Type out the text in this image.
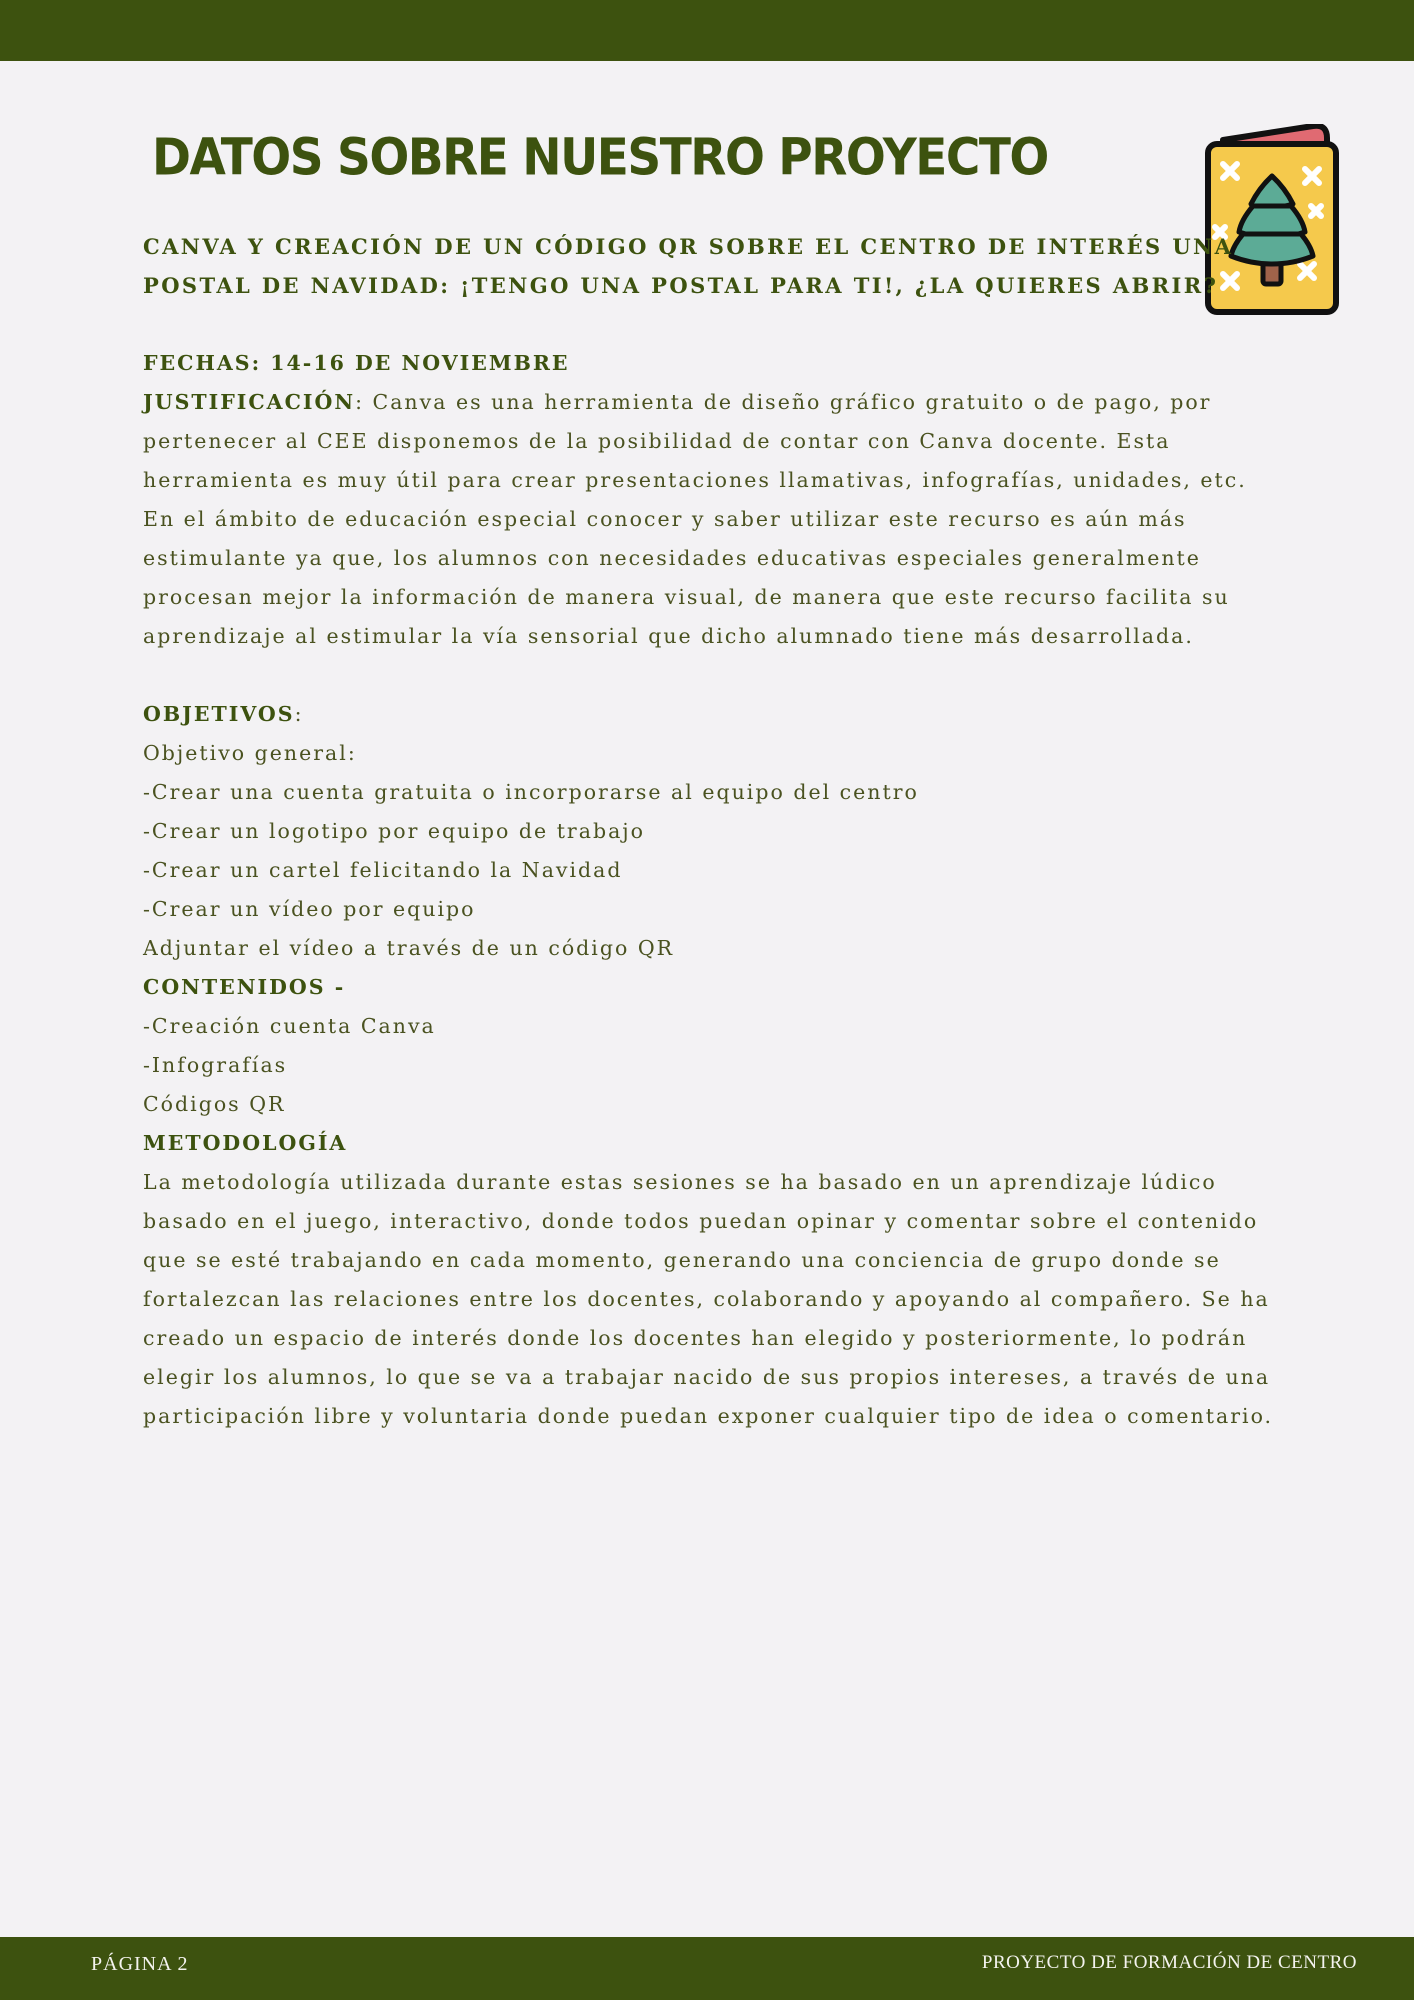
DATOS SOBRE NUESTRO PROYECTO

CANVA Y CREACIÓN DE UN CÓDIGO QR SOBRE EL CENTRO DE INTERÉS UNA POSTAL DE NAVIDAD: ¡TENGO UNA POSTAL PARA TI!, ¿LA QUIERES ABRIR?

FECHAS: 14-16 DE NOVIEMBRE

JUSTIFICACIÓN: Canva es una herramienta de diseño gráfico gratuito o de pago, por pertenecer al CEE disponemos de la posibilidad de contar con Canva docente. Esta herramienta es muy útil para crear presentaciones llamativas, infografías, unidades, etc. En el ámbito de educación especial conocer y saber utilizar este recurso es aún más estimulante ya que, los alumnos con necesidades educativas especiales generalmente procesan mejor la información de manera visual, de manera que este recurso facilita su aprendizaje al estimular la vía sensorial que dicho alumnado tiene más desarrollada.

OBJETIVOS:

Objetivo general:

-Crear una cuenta gratuita o incorporarse al equipo del centro

-Crear un logotipo por equipo de trabajo

-Crear un cartel felicitando la Navidad

-Crear un vídeo por equipo

Adjuntar el vídeo a través de un código QR

CONTENIDOS -

-Creación cuenta Canva

-Infografías

Códigos QR

METODOLOGÍA

La metodología utilizada durante estas sesiones se ha basado en un aprendizaje lúdico basado en el juego, interactivo, donde todos puedan opinar y comentar sobre el contenido que se esté trabajando en cada momento, generando una conciencia de grupo donde se fortalezcan las relaciones entre los docentes, colaborando y apoyando al compañero. Se ha creado un espacio de interés donde los docentes han elegido y posteriormente, lo podrán elegir los alumnos, lo que se va a trabajar nacido de sus propios intereses, a través de una participación libre y voluntaria donde puedan exponer cualquier tipo de idea o comentario.

PÁGINA 2	PROYECTO DE FORMACIÓN DE CENTRO
